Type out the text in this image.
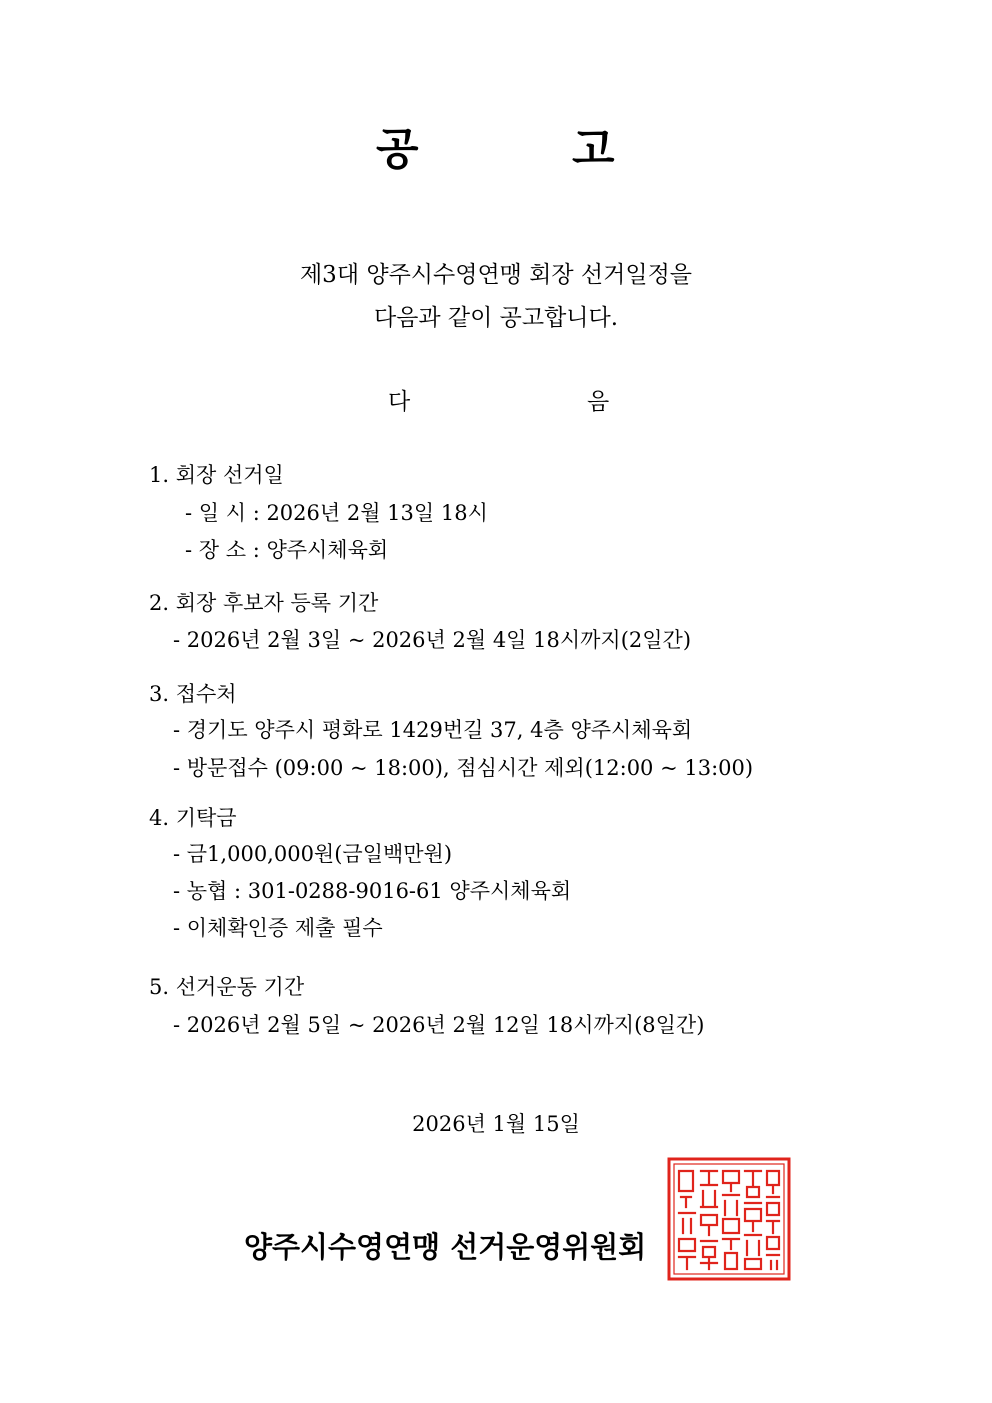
공	고
제3대 양주시수영연맹 회장 선거일정을
다음과 같이 공고합니다.
다	음
1. 회장 선거일
- 일 시 : 2026년 2월 13일 18시
- 장 소 : 양주시체육회
2. 회장 후보자 등록 기간
- 2026년 2월 3일 ~ 2026년 2월 4일 18시까지(2일간)
3. 접수처
- 경기도 양주시 평화로 1429번길 37, 4층 양주시체육회
- 방문접수 (09:00 ~ 18:00), 점심시간 제외(12:00 ~ 13:00)
4. 기탁금
- 금1,000,000원(금일백만원)
- 농협 : 301-0288-9016-61 양주시체육회
- 이체확인증 제출 필수
5. 선거운동 기간
- 2026년 2월 5일 ~ 2026년 2월 12일 18시까지(8일간)
2026년 1월 15일
양주시수영연맹 선거운영위원회
